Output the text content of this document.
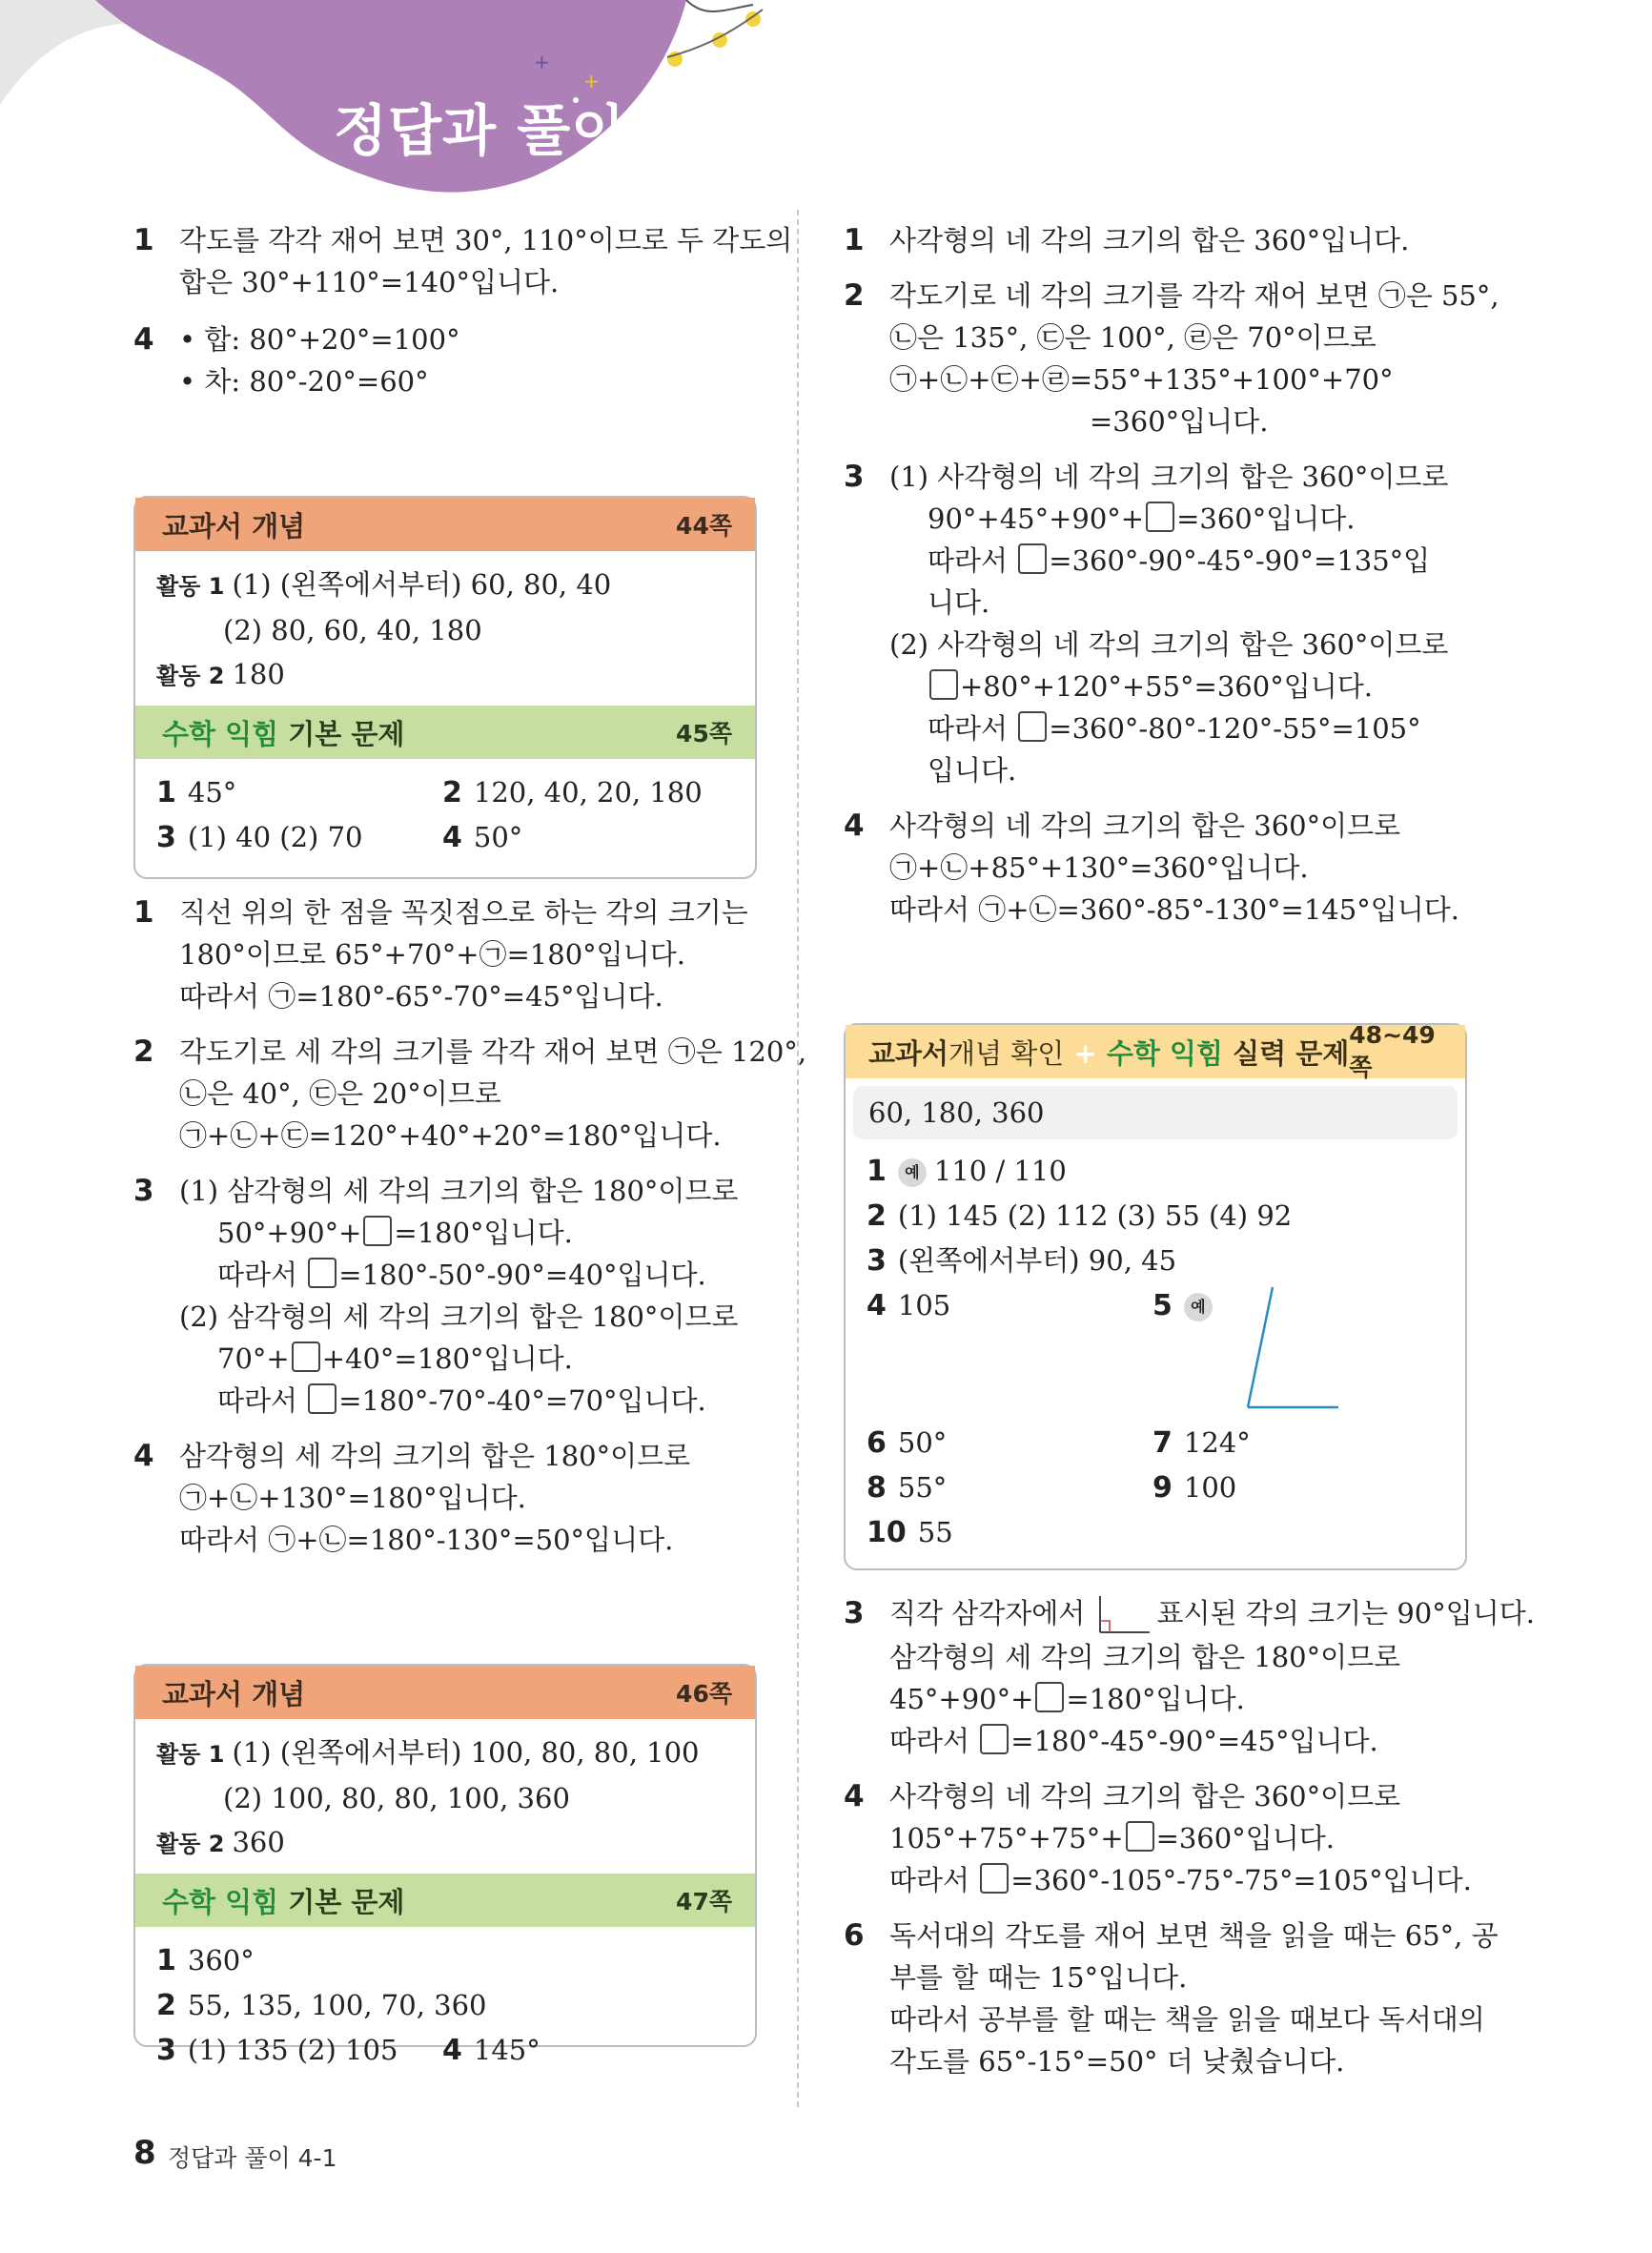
+
+
정답과 풀이
1 각도를 각각 재어 보면 30°, 110°이므로 두 각도의
합은 30°+110°=140°입니다.
4 • 합: 80°+20°=100°
• 차: 80°-20°=60°
교과서 개념	44쪽
활동 1 (1) (왼쪽에서부터) 60, 80, 40
(2) 80, 60, 40, 180
활동 2 180
수학 익힘 기본 문제	45쪽
1 45°	2 120, 40, 20, 180
3 (1) 40 (2) 70	4 50°
1 직선 위의 한 점을 꼭짓점으로 하는 각의 크기는
180°이므로 65°+70°+㉠=180°입니다.
따라서 ㉠=180°-65°-70°=45°입니다.
2 각도기로 세 각의 크기를 각각 재어 보면 ㉠은 120°,
㉡은 40°, ㉢은 20°이므로
㉠+㉡+㉢=120°+40°+20°=180°입니다.
3 (1) 삼각형의 세 각의 크기의 합은 180°이므로
50°+90°+ =180°입니다.
따라서 =180°-50°-90°=40°입니다.
(2) 삼각형의 세 각의 크기의 합은 180°이므로
70°+ +40°=180°입니다.
따라서 =180°-70°-40°=70°입니다.
4 삼각형의 세 각의 크기의 합은 180°이므로
㉠+㉡+130°=180°입니다.
따라서 ㉠+㉡=180°-130°=50°입니다.
교과서 개념	46쪽
활동 1 (1) (왼쪽에서부터) 100, 80, 80, 100
(2) 100, 80, 80, 100, 360
활동 2 360
수학 익힘 기본 문제	47쪽
1 360°
2 55, 135, 100, 70, 360
3 (1) 135 (2) 105	4 145°
1 사각형의 네 각의 크기의 합은 360°입니다.
2 각도기로 네 각의 크기를 각각 재어 보면 ㉠은 55°,
㉡은 135°, ㉢은 100°, ㉣은 70°이므로
㉠+㉡+㉢+㉣=55°+135°+100°+70°
=360°입니다.
3 (1) 사각형의 네 각의 크기의 합은 360°이므로
90°+45°+90°+ =360°입니다.
따라서 =360°-90°-45°-90°=135°입
니다.
(2) 사각형의 네 각의 크기의 합은 360°이므로
+80°+120°+55°=360°입니다.
따라서 =360°-80°-120°-55°=105°
입니다.
4 사각형의 네 각의 크기의 합은 360°이므로
㉠+㉡+85°+130°=360°입니다.
따라서 ㉠+㉡=360°-85°-130°=145°입니다.
교과서개념 확인 + 수학 익힘 실력 문제
48~49쪽
60, 180, 360
1 예 110 / 110
2 (1) 145 (2) 112 (3) 55 (4) 92
3 (왼쪽에서부터) 90, 45
4 105	5 예
6 50°	7 124°
8 55°	9 100
10 55
3 직각 삼각자에서	표시된 각의 크기는 90°입니다.
삼각형의 세 각의 크기의 합은 180°이므로
45°+90°+ =180°입니다.
따라서 =180°-45°-90°=45°입니다.
4 사각형의 네 각의 크기의 합은 360°이므로
105°+75°+75°+ =360°입니다.
따라서 =360°-105°-75°-75°=105°입니다.
6 독서대의 각도를 재어 보면 책을 읽을 때는 65°, 공
부를 할 때는 15°입니다.
따라서 공부를 할 때는 책을 읽을 때보다 독서대의
각도를 65°-15°=50° 더 낮췄습니다.
8 정답과 풀이 4-1
